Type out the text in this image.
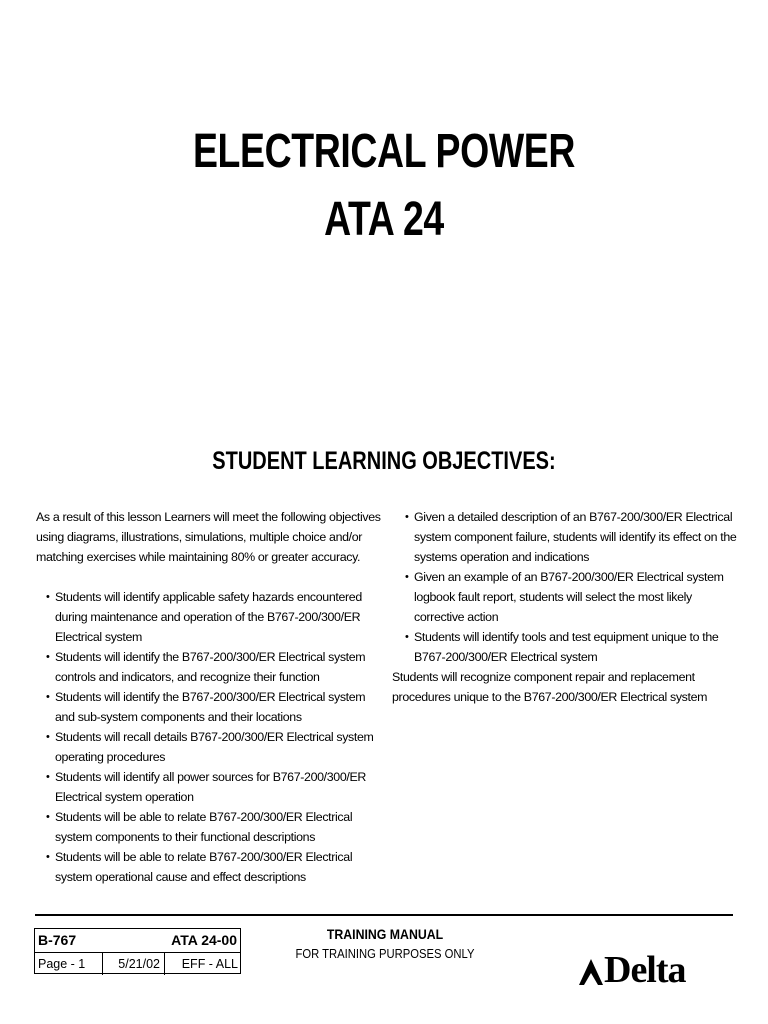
ELECTRICAL POWER
ATA 24
STUDENT LEARNING OBJECTIVES:

As a result of this lesson Learners will meet the following objectives using diagrams, illustrations, simulations, multiple choice and/or matching exercises while maintaining 80% or greater accuracy.

• Students will identify applicable safety hazards encountered during maintenance and operation of the B767-200/300/ER Electrical system
• Students will identify the B767-200/300/ER Electrical system controls and indicators, and recognize their function
• Students will identify the B767-200/300/ER Electrical system and sub-system components and their locations
• Students will recall details B767-200/300/ER Electrical system operating procedures
• Students will identify all power sources for B767-200/300/ER Electrical system operation
• Students will be able to relate B767-200/300/ER Electrical system components to their functional descriptions
• Students will be able to relate B767-200/300/ER Electrical system operational cause and effect descriptions
• Given a detailed description of an B767-200/300/ER Electrical system component failure, students will identify its effect on the systems operation and indications
• Given an example of an B767-200/300/ER Electrical system logbook fault report, students will select the most likely corrective action
• Students will identify tools and test equipment unique to the B767-200/300/ER Electrical system

Students will recognize component repair and replacement procedures unique to the B767-200/300/ER Electrical system

B-767	ATA 24-00
Page - 1	5/21/02	EFF - ALL
TRAINING MANUAL
FOR TRAINING PURPOSES ONLY	Delta
